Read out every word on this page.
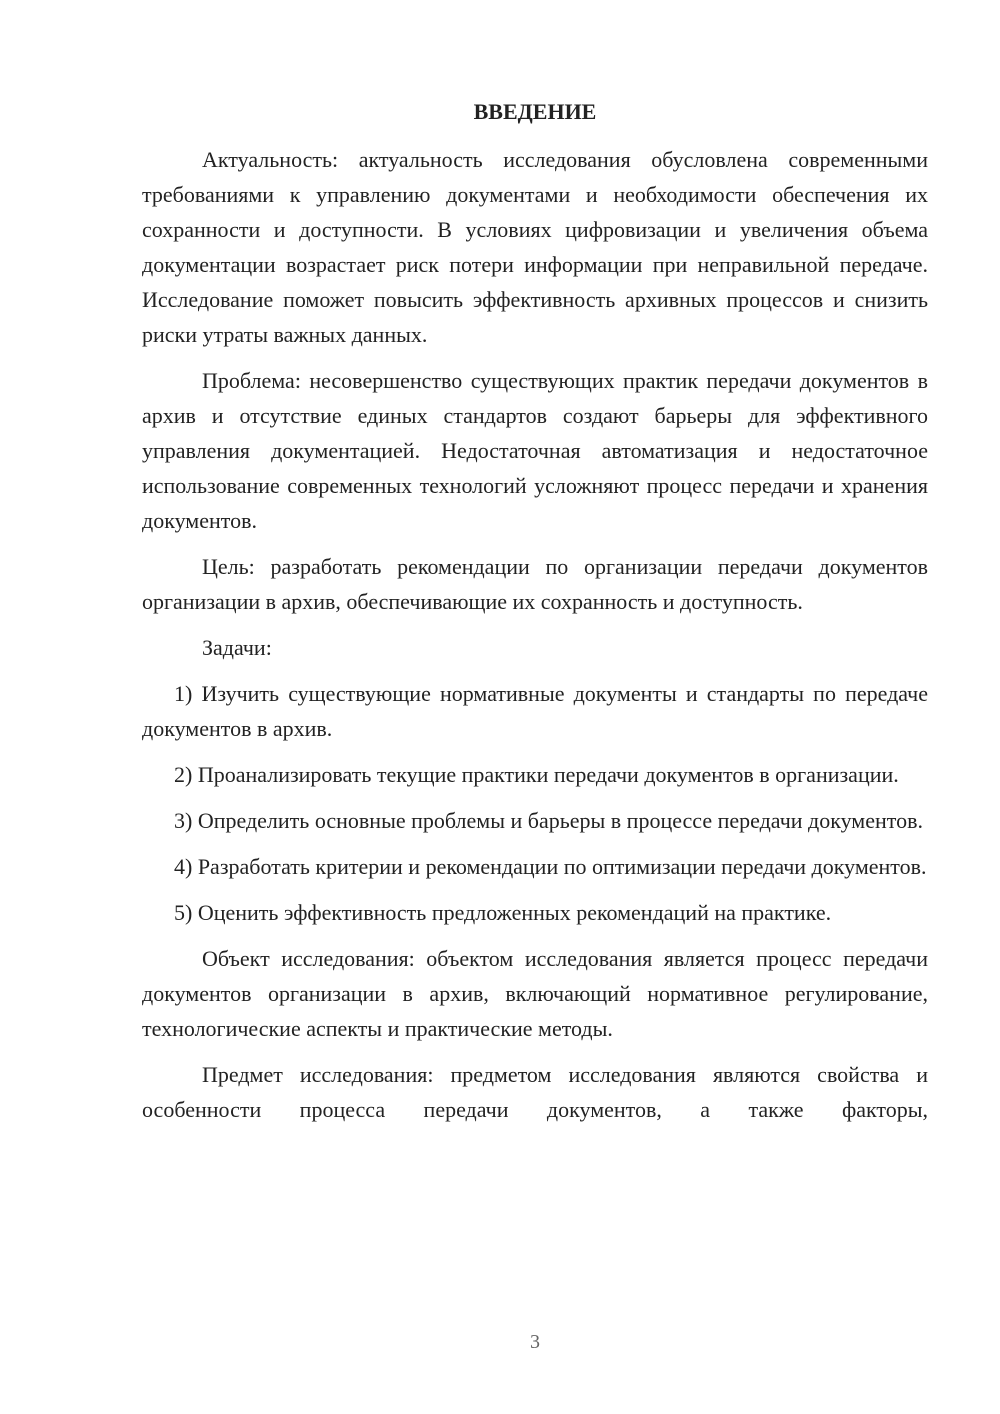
ВВЕДЕНИЕ

Актуальность: актуальность исследования обусловлена современными требованиями к управлению документами и необходимости обеспечения их сохранности и доступности. В условиях цифровизации и увеличения объема документации возрастает риск потери информации при неправильной передаче. Исследование поможет повысить эффективность архивных процессов и снизить риски утраты важных данных.

Проблема: несовершенство существующих практик передачи документов в архив и отсутствие единых стандартов создают барьеры для эффективного управления документацией. Недостаточная автоматизация и недостаточное использование современных технологий усложняют процесс передачи и хранения документов.

Цель: разработать рекомендации по организации передачи документов организации в архив, обеспечивающие их сохранность и доступность.

Задачи:

1) Изучить существующие нормативные документы и стандарты по передаче документов в архив.

2) Проанализировать текущие практики передачи документов в организации.

3) Определить основные проблемы и барьеры в процессе передачи документов.

4) Разработать критерии и рекомендации по оптимизации передачи документов.

5) Оценить эффективность предложенных рекомендаций на практике.

Объект исследования: объектом исследования является процесс передачи документов организации в архив, включающий нормативное регулирование, технологические аспекты и практические методы.

Предмет исследования: предметом исследования являются свойства и особенности процесса передачи документов, а также факторы,

3
